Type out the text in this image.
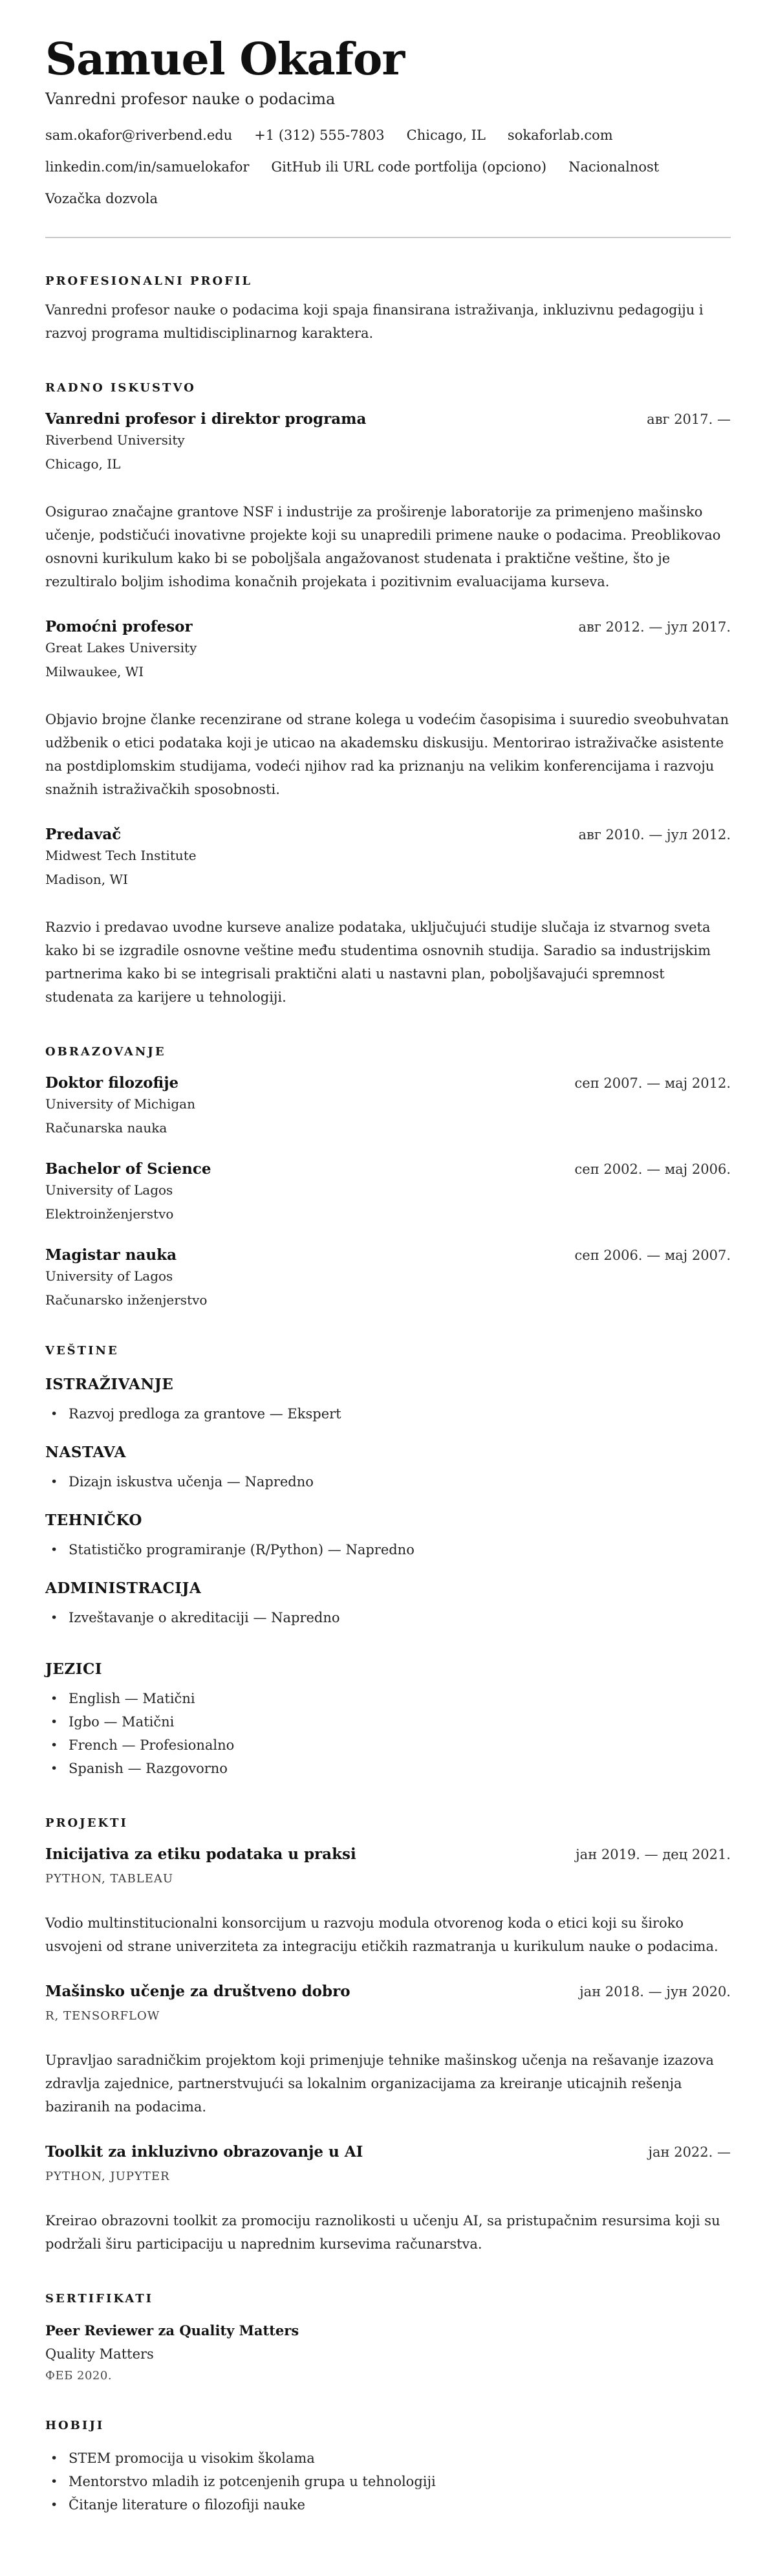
Samuel Okafor
Vanredni profesor nauke o podacima
sam.okafor@riverbend.edu +1 (312) 555-7803 Chicago, IL sokaforlab.com
linkedin.com/in/samuelokafor GitHub ili URL code portfolija (opciono) Nacionalnost
Vozačka dozvola
PROFESIONALNI PROFIL

Vanredni profesor nauke o podacima koji spaja finansirana istraživanja, inkluzivnu pedagogiju i razvoj programa multidisciplinarnog karaktera.

RADNO ISKUSTVO
Vanredni profesor i direktor programa	авг 2017. —
Riverbend University
Chicago, IL

Osigurao značajne grantove NSF i industrije za proširenje laboratorije za primenjeno mašinsko učenje, podstičući inovativne projekte koji su unapredili primene nauke o podacima. Preoblikovao osnovni kurikulum kako bi se poboljšala angažovanost studenata i praktične veštine, što je rezultiralo boljim ishodima konačnih projekata i pozitivnim evaluacijama kurseva.

Pomoćni profesor	авг 2012. — јул 2017.
Great Lakes University
Milwaukee, WI

Objavio brojne članke recenzirane od strane kolega u vodećim časopisima i suuredio sveobuhvatan udžbenik o etici podataka koji je uticao na akademsku diskusiju. Mentorirao istraživačke asistente na postdiplomskim studijama, vodeći njihov rad ka priznanju na velikim konferencijama i razvoju snažnih istraživačkih sposobnosti.

Predavač	авг 2010. — јул 2012.
Midwest Tech Institute
Madison, WI

Razvio i predavao uvodne kurseve analize podataka, uključujući studije slučaja iz stvarnog sveta kako bi se izgradile osnovne veštine među studentima osnovnih studija. Saradio sa industrijskim partnerima kako bi se integrisali praktični alati u nastavni plan, poboljšavajući spremnost studenata za karijere u tehnologiji.

OBRAZOVANJE
Doktor filozofije	сеп 2007. — мај 2012.
University of Michigan
Računarska nauka
Bachelor of Science	сеп 2002. — мај 2006.
University of Lagos
Elektroinženjerstvo
Magistar nauka	сеп 2006. — мај 2007.
University of Lagos
Računarsko inženjerstvo
VEŠTINE
ISTRAŽIVANJE
• Razvoj predloga za grantove — Ekspert
NASTAVA
• Dizajn iskustva učenja — Napredno
TEHNIČKO
• Statističko programiranje (R/Python) — Napredno
ADMINISTRACIJA
• Izveštavanje o akreditaciji — Napredno
JEZICI
• English — Matični
• Igbo — Matični
• French — Profesionalno
• Spanish — Razgovorno
PROJEKTI
Inicijativa za etiku podataka u praksi	јан 2019. — дец 2021.
PYTHON, TABLEAU

Vodio multinstitucionalni konsorcijum u razvoju modula otvorenog koda o etici koji su široko usvojeni od strane univerziteta za integraciju etičkih razmatranja u kurikulum nauke o podacima.

Mašinsko učenje za društveno dobro	јан 2018. — јун 2020.
R, TENSORFLOW

Upravljao saradničkim projektom koji primenjuje tehnike mašinskog učenja na rešavanje izazova zdravlja zajednice, partnerstvujući sa lokalnim organizacijama za kreiranje uticajnih rešenja baziranih na podacima.

Toolkit za inkluzivno obrazovanje u AI	јан 2022. —
PYTHON, JUPYTER

Kreirao obrazovni toolkit za promociju raznolikosti u učenju AI, sa pristupačnim resursima koji su podržali širu participaciju u naprednim kursevima računarstva.

SERTIFIKATI
Peer Reviewer za Quality Matters
Quality Matters
ФЕБ 2020.
HOBIJI
• STEM promocija u visokim školama
• Mentorstvo mladih iz potcenjenih grupa u tehnologiji
• Čitanje literature o filozofiji nauke
